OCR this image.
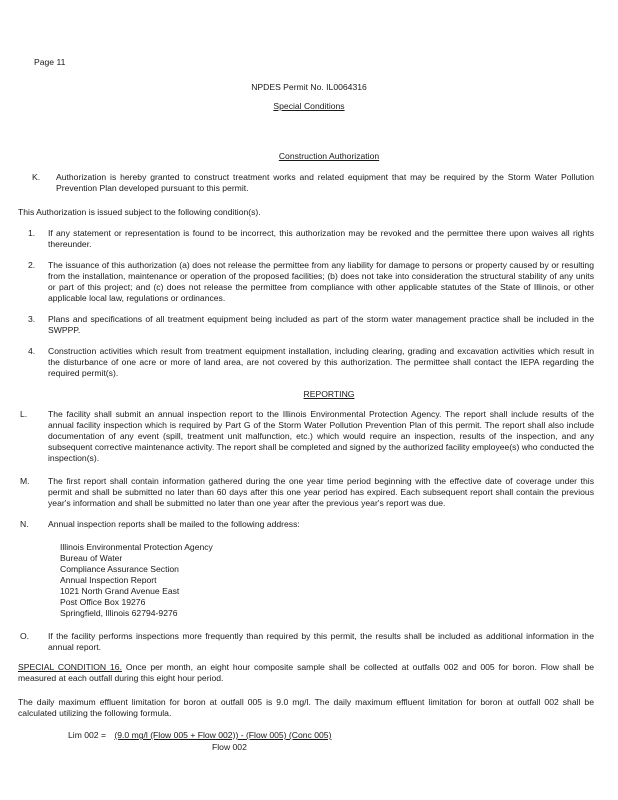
Page 11
NPDES Permit No. IL0064316
Special Conditions
Construction Authorization
K.	Authorization is hereby granted to construct treatment works and related equipment that may be required by the Storm Water Pollution Prevention Plan developed pursuant to this permit.
This Authorization is issued subject to the following condition(s).
1.	If any statement or representation is found to be incorrect, this authorization may be revoked and the permittee there upon waives all rights thereunder.
2.	The issuance of this authorization (a) does not release the permittee from any liability for damage to persons or property caused by or resulting from the installation, maintenance or operation of the proposed facilities; (b) does not take into consideration the structural stability of any units or part of this project; and (c) does not release the permittee from compliance with other applicable statutes of the State of Illinois, or other applicable local law, regulations or ordinances.
3.	Plans and specifications of all treatment equipment being included as part of the storm water management practice shall be included in the SWPPP.
4.	Construction activities which result from treatment equipment installation, including clearing, grading and excavation activities which result in the disturbance of one acre or more of land area, are not covered by this authorization. The permittee shall contact the IEPA regarding the required permit(s).
REPORTING
L.	The facility shall submit an annual inspection report to the Illinois Environmental Protection Agency. The report shall include results of the annual facility inspection which is required by Part G of the Storm Water Pollution Prevention Plan of this permit. The report shall also include documentation of any event (spill, treatment unit malfunction, etc.) which would require an inspection, results of the inspection, and any subsequent corrective maintenance activity. The report shall be completed and signed by the authorized facility employee(s) who conducted the inspection(s).
M.	The first report shall contain information gathered during the one year time period beginning with the effective date of coverage under this permit and shall be submitted no later than 60 days after this one year period has expired. Each subsequent report shall contain the previous year's information and shall be submitted no later than one year after the previous year's report was due.
N.	Annual inspection reports shall be mailed to the following address:
Illinois Environmental Protection Agency
Bureau of Water
Compliance Assurance Section
Annual Inspection Report
1021 North Grand Avenue East
Post Office Box 19276
Springfield, Illinois 62794-9276
O.	If the facility performs inspections more frequently than required by this permit, the results shall be included as additional information in the annual report.
SPECIAL CONDITION 16. Once per month, an eight hour composite sample shall be collected at outfalls 002 and 005 for boron. Flow shall be measured at each outfall during this eight hour period.
The daily maximum effluent limitation for boron at outfall 005 is 9.0 mg/l. The daily maximum effluent limitation for boron at outfall 002 shall be calculated utilizing the following formula.
Lim 002 = (9.0 mg/l (Flow 005 + Flow 002)) - (Flow 005) (Conc 005)
Flow 002
